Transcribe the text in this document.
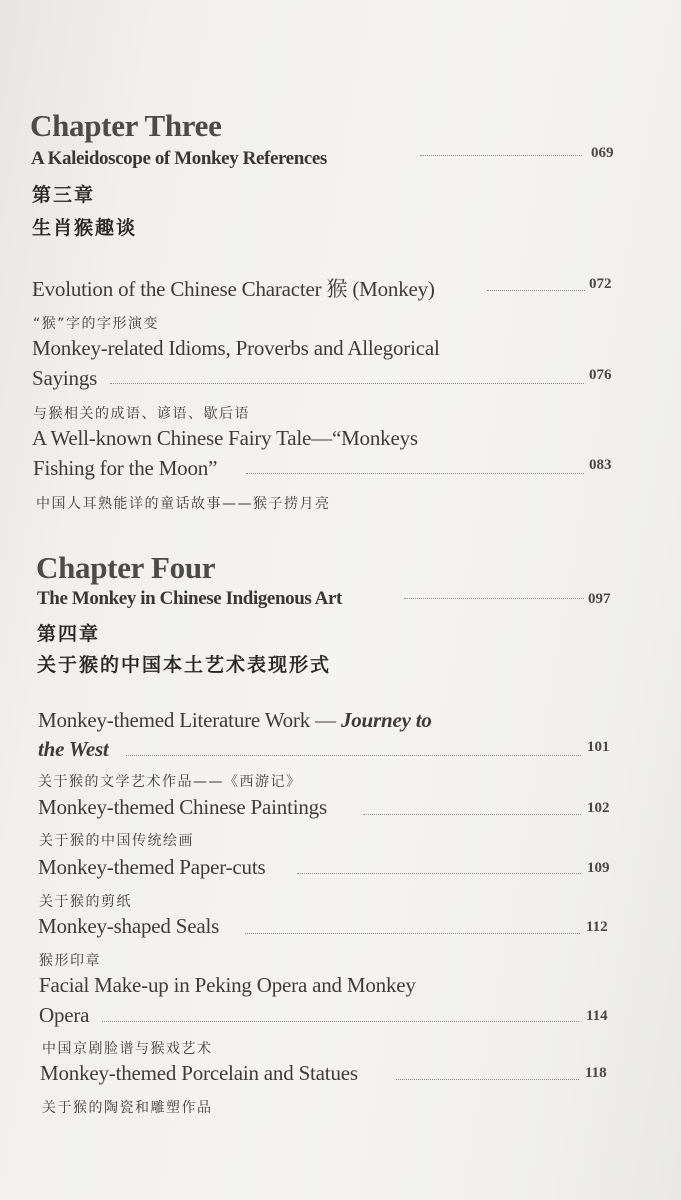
Chapter Three
A Kaleidoscope of Monkey References	069
第三章
生肖猴趣谈
Evolution of the Chinese Character 猴 (Monkey)	072
“猴”字的字形演变
Monkey-related Idioms, Proverbs and Allegorical
Sayings	076
与猴相关的成语、谚语、歇后语
A Well-known Chinese Fairy Tale—“Monkeys
Fishing for the Moon”	083
中国人耳熟能详的童话故事——猴子捞月亮
Chapter Four
The Monkey in Chinese Indigenous Art	097
第四章
关于猴的中国本土艺术表现形式
Monkey-themed Literature Work — Journey to
the West	101
关于猴的文学艺术作品——《西游记》
Monkey-themed Chinese Paintings	102
关于猴的中国传统绘画
Monkey-themed Paper-cuts	109
关于猴的剪纸
Monkey-shaped Seals	112
猴形印章
Facial Make-up in Peking Opera and Monkey
Opera	114
中国京剧脸谱与猴戏艺术
Monkey-themed Porcelain and Statues	118
关于猴的陶瓷和雕塑作品
